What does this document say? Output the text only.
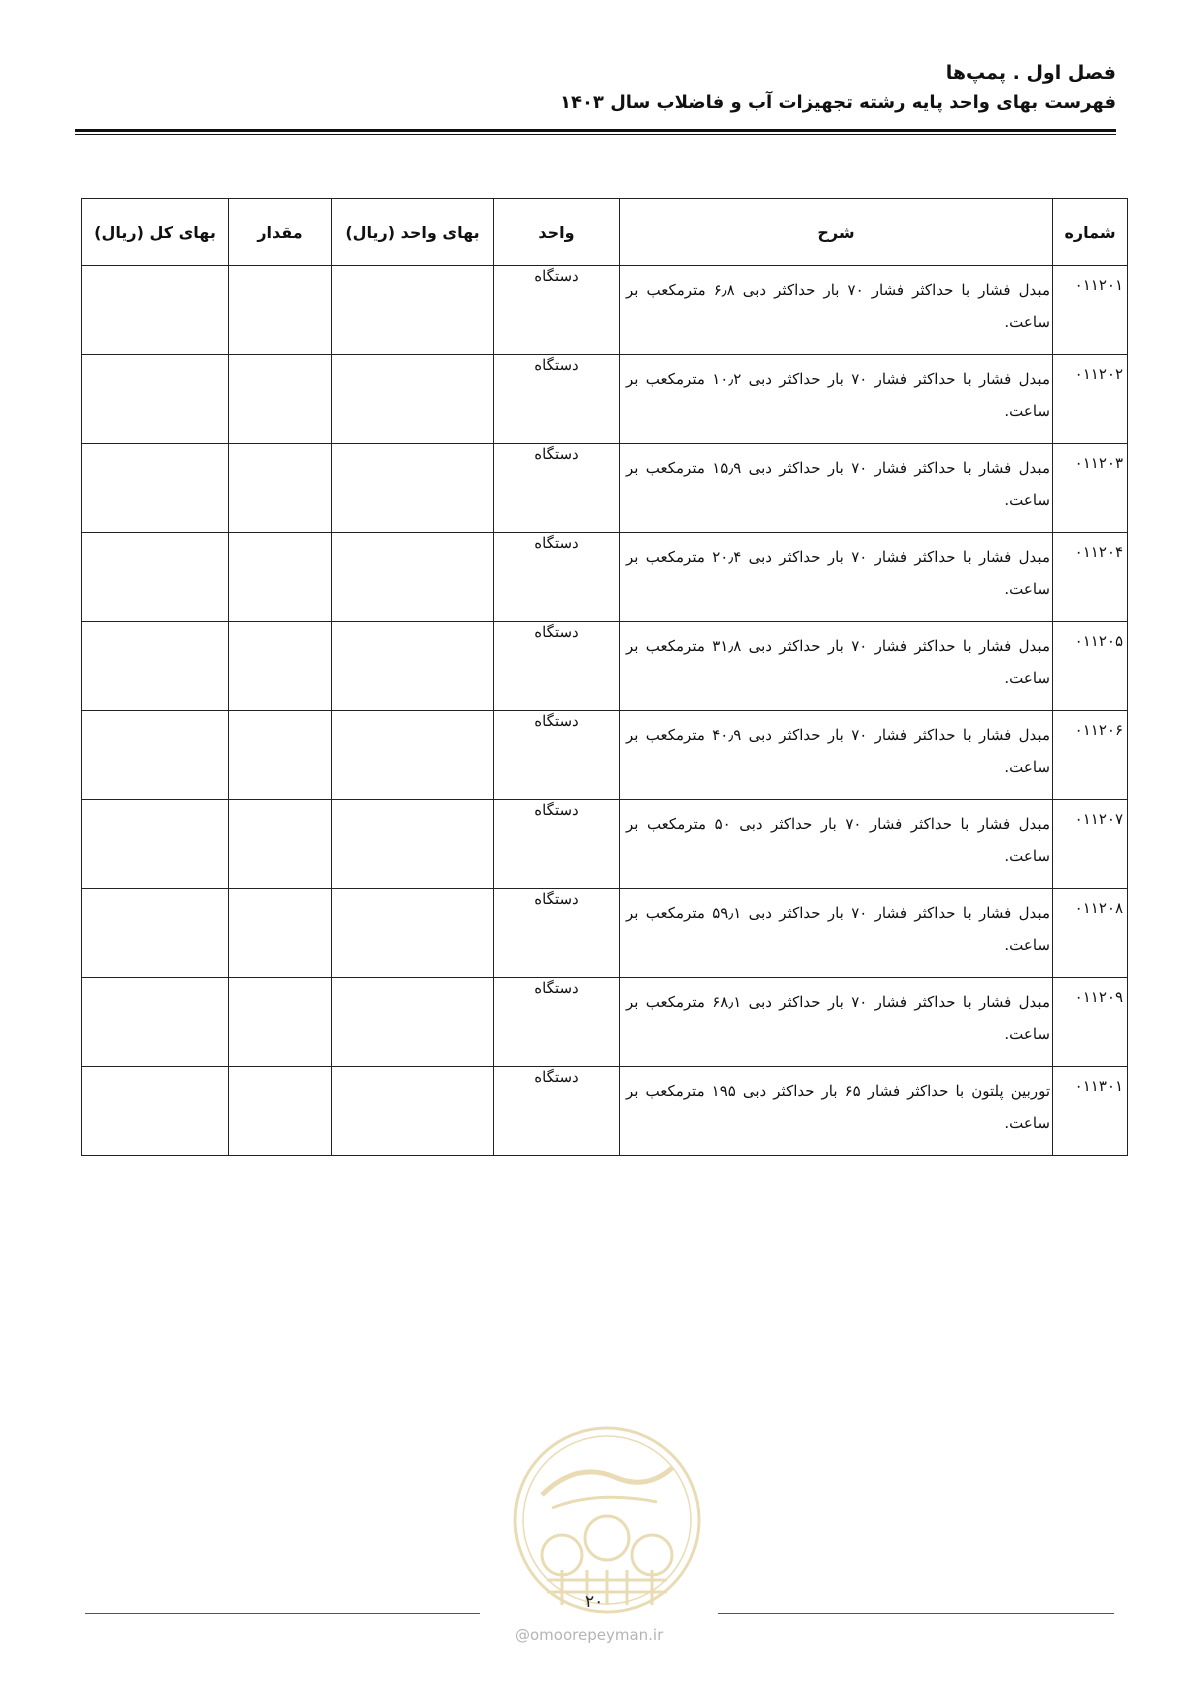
فصل اول . پمپ‌ها
فهرست بهای واحد پایه رشته تجهیزات آب و فاضلاب سال ۱۴۰۳
شماره	شرح	واحد	بهای واحد (ریال)	مقدار	بهای کل (ریال)
۰۱۱۲۰۱	مبدل فشار با حداکثر فشار ۷۰ بار حداکثر دبی ۶٫۸ مترمکعب بر ساعت.	دستگاه			
۰۱۱۲۰۲	مبدل فشار با حداکثر فشار ۷۰ بار حداکثر دبی ۱۰٫۲ مترمکعب بر ساعت.	دستگاه			
۰۱۱۲۰۳	مبدل فشار با حداکثر فشار ۷۰ بار حداکثر دبی ۱۵٫۹ مترمکعب بر ساعت.	دستگاه			
۰۱۱۲۰۴	مبدل فشار با حداکثر فشار ۷۰ بار حداکثر دبی ۲۰٫۴ مترمکعب بر ساعت.	دستگاه			
۰۱۱۲۰۵	مبدل فشار با حداکثر فشار ۷۰ بار حداکثر دبی ۳۱٫۸ مترمکعب بر ساعت.	دستگاه			
۰۱۱۲۰۶	مبدل فشار با حداکثر فشار ۷۰ بار حداکثر دبی ۴۰٫۹ مترمکعب بر ساعت.	دستگاه			
۰۱۱۲۰۷	مبدل فشار با حداکثر فشار ۷۰ بار حداکثر دبی ۵۰ مترمکعب بر ساعت.	دستگاه			
۰۱۱۲۰۸	مبدل فشار با حداکثر فشار ۷۰ بار حداکثر دبی ۵۹٫۱ مترمکعب بر ساعت.	دستگاه			
۰۱۱۲۰۹	مبدل فشار با حداکثر فشار ۷۰ بار حداکثر دبی ۶۸٫۱ مترمکعب بر ساعت.	دستگاه			
۰۱۱۳۰۱	توربین پلتون با حداکثر فشار ۶۵ بار حداکثر دبی ۱۹۵ مترمکعب بر ساعت.	دستگاه			
۲۰
@omoorepeyman.ir
